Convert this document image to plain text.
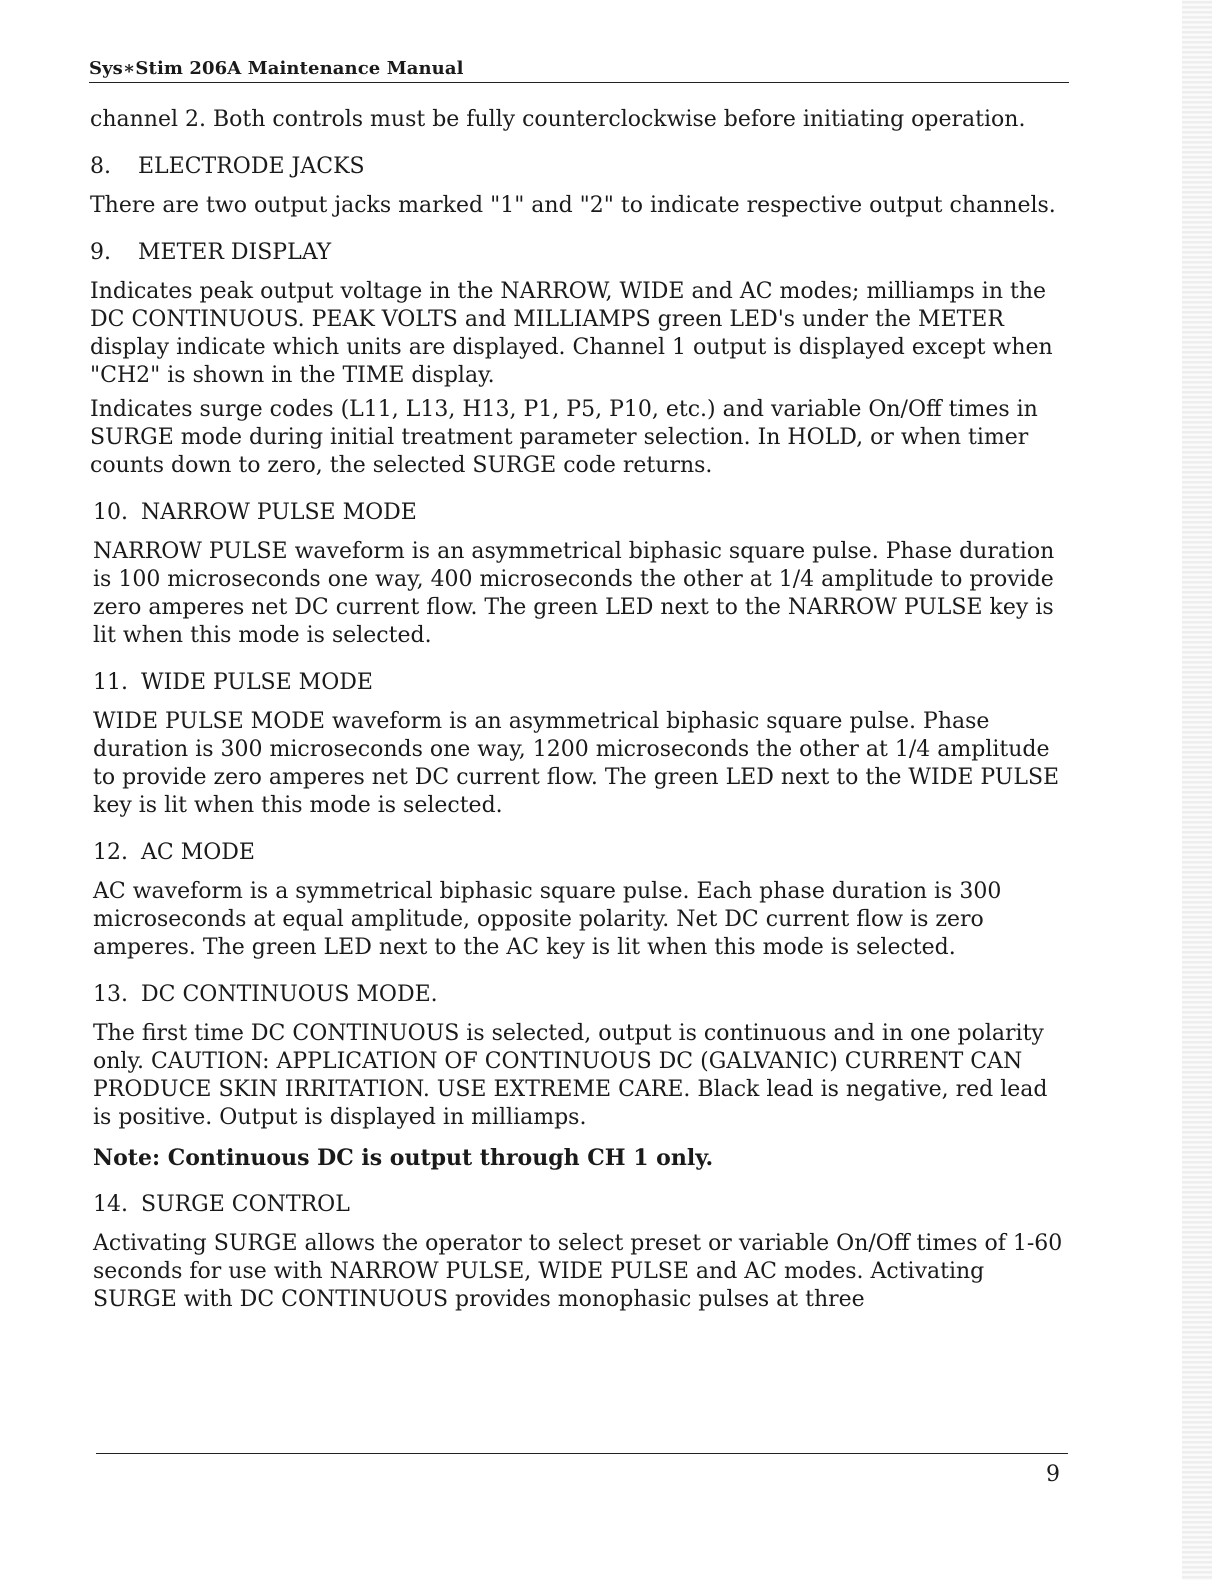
Sys∗Stim 206A Maintenance Manual

channel 2. Both controls must be fully counterclockwise before initiating operation.

8. ELECTRODE JACKS

There are two output jacks marked "1" and "2" to indicate respective output channels.

9. METER DISPLAY

Indicates peak output voltage in the NARROW, WIDE and AC modes; milliamps in the DC CONTINUOUS. PEAK VOLTS and MILLIAMPS green LED's under the METER display indicate which units are displayed. Channel 1 output is displayed except when "CH2" is shown in the TIME display.

Indicates surge codes (L11, L13, H13, P1, P5, P10, etc.) and variable On/Off times in SURGE mode during initial treatment parameter selection. In HOLD, or when timer counts down to zero, the selected SURGE code returns.

10. NARROW PULSE MODE

NARROW PULSE waveform is an asymmetrical biphasic square pulse. Phase duration is 100 microseconds one way, 400 microseconds the other at 1/4 amplitude to provide zero amperes net DC current flow. The green LED next to the NARROW PULSE key is lit when this mode is selected.

11. WIDE PULSE MODE

WIDE PULSE MODE waveform is an asymmetrical biphasic square pulse. Phase duration is 300 microseconds one way, 1200 microseconds the other at 1/4 amplitude to provide zero amperes net DC current flow. The green LED next to the WIDE PULSE key is lit when this mode is selected.

12. AC MODE

AC waveform is a symmetrical biphasic square pulse. Each phase duration is 300 microseconds at equal amplitude, opposite polarity. Net DC current flow is zero amperes. The green LED next to the AC key is lit when this mode is selected.

13. DC CONTINUOUS MODE.

The first time DC CONTINUOUS is selected, output is continuous and in one polarity only. CAUTION: APPLICATION OF CONTINUOUS DC (GALVANIC) CURRENT CAN PRODUCE SKIN IRRITATION. USE EXTREME CARE. Black lead is negative, red lead is positive. Output is displayed in milliamps.

Note: Continuous DC is output through CH 1 only.

14. SURGE CONTROL

Activating SURGE allows the operator to select preset or variable On/Off times of 1-60 seconds for use with NARROW PULSE, WIDE PULSE and AC modes. Activating SURGE with DC CONTINUOUS provides monophasic pulses at three

9
